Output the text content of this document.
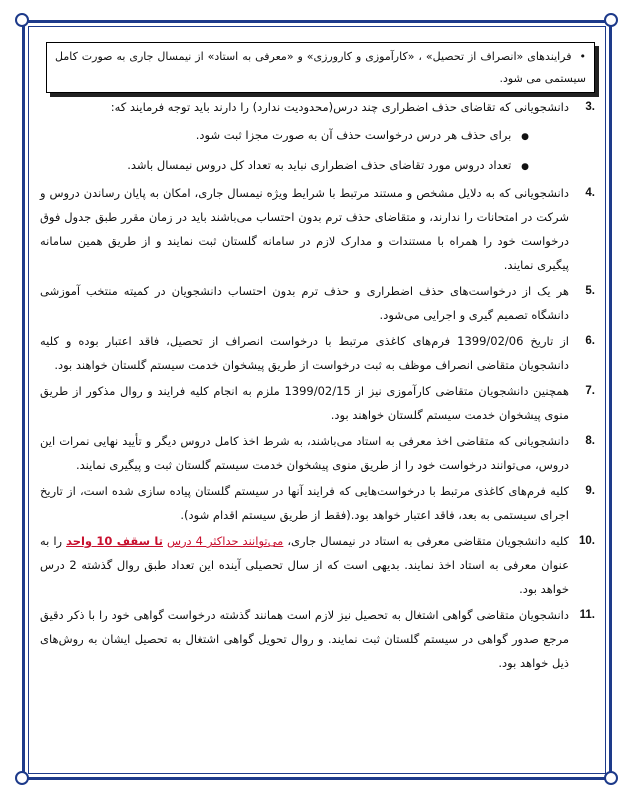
• فرایندهای «انصراف از تحصیل» ، «کارآموزی و کارورزی» و «معرفی به استاد» از نیمسال جاری به صورت کامل سیستمی می شود.
3.
دانشجویانی که تقاضای حذف اضطراری چند درس(محدودیت ندارد) را دارند باید توجه فرمایند که:
● برای حذف هر درس درخواست حذف آن به صورت مجزا ثبت شود.
● تعداد دروس مورد تقاضای حذف اضطراری نباید به تعداد کل دروس نیمسال باشد.
4.
دانشجویانی که به دلایل مشخص و مستند مرتبط با شرایط ویژه نیمسال جاری، امکان به پایان رساندن دروس و شرکت در امتحانات را ندارند، و متقاضای حذف ترم بدون احتساب می‌باشند باید در زمان مقرر طبق جدول فوق درخواست خود را همراه با مستندات و مدارک لازم در سامانه گلستان ثبت نمایند و از طریق همین سامانه پیگیری نمایند.
5.
هر یک از درخواست‌های حذف اضطراری و حذف ترم بدون احتساب دانشجویان در کمیته منتخب آموزشی دانشگاه تصمیم گیری و اجرایی می‌شود.
6.
از تاریخ 1399/02/06 فرم‌های کاغذی مرتبط با درخواست انصراف از تحصیل، فاقد اعتبار بوده و کلیه دانشجویان متقاضی انصراف موظف به ثبت درخواست از طریق پیشخوان خدمت سیستم گلستان خواهند بود.
7.
همچنین دانشجویان متقاضی کارآموزی نیز از 1399/02/15 ملزم به انجام کلیه فرایند و روال مذکور از طریق منوی پیشخوان خدمت سیستم گلستان خواهند بود.
8.
دانشجویانی که متقاضی اخذ معرفی به استاد می‌باشند، به شرط اخذ کامل دروس دیگر و تأیید نهایی نمرات این دروس، می‌توانند درخواست خود را از طریق منوی پیشخوان خدمت سیستم گلستان ثبت و پیگیری نمایند.
9.
کلیه فرم‌های کاغذی مرتبط با درخواست‌هایی که فرایند آنها در سیستم گلستان پیاده سازی شده است، از تاریخ اجرای سیستمی به بعد، فاقد اعتبار خواهد بود.(فقط از طریق سیستم اقدام شود).
10.
کلیه دانشجویان متقاضی معرفی به استاد در نیمسال جاری، می‌توانند حداکثر 4 درس تا سقف 10 واحد را به عنوان معرفی به استاد اخذ نمایند. بدیهی است که از سال تحصیلی آینده این تعداد طبق روال گذشته 2 درس خواهد بود.
11.
دانشجویان متقاضی گواهی اشتغال به تحصیل نیز لازم است همانند گذشته درخواست گواهی خود را با ذکر دقیق مرجع صدور گواهی در سیستم گلستان ثبت نمایند. و روال تحویل گواهی اشتغال به تحصیل ایشان به روش‌های ذیل خواهد بود.
